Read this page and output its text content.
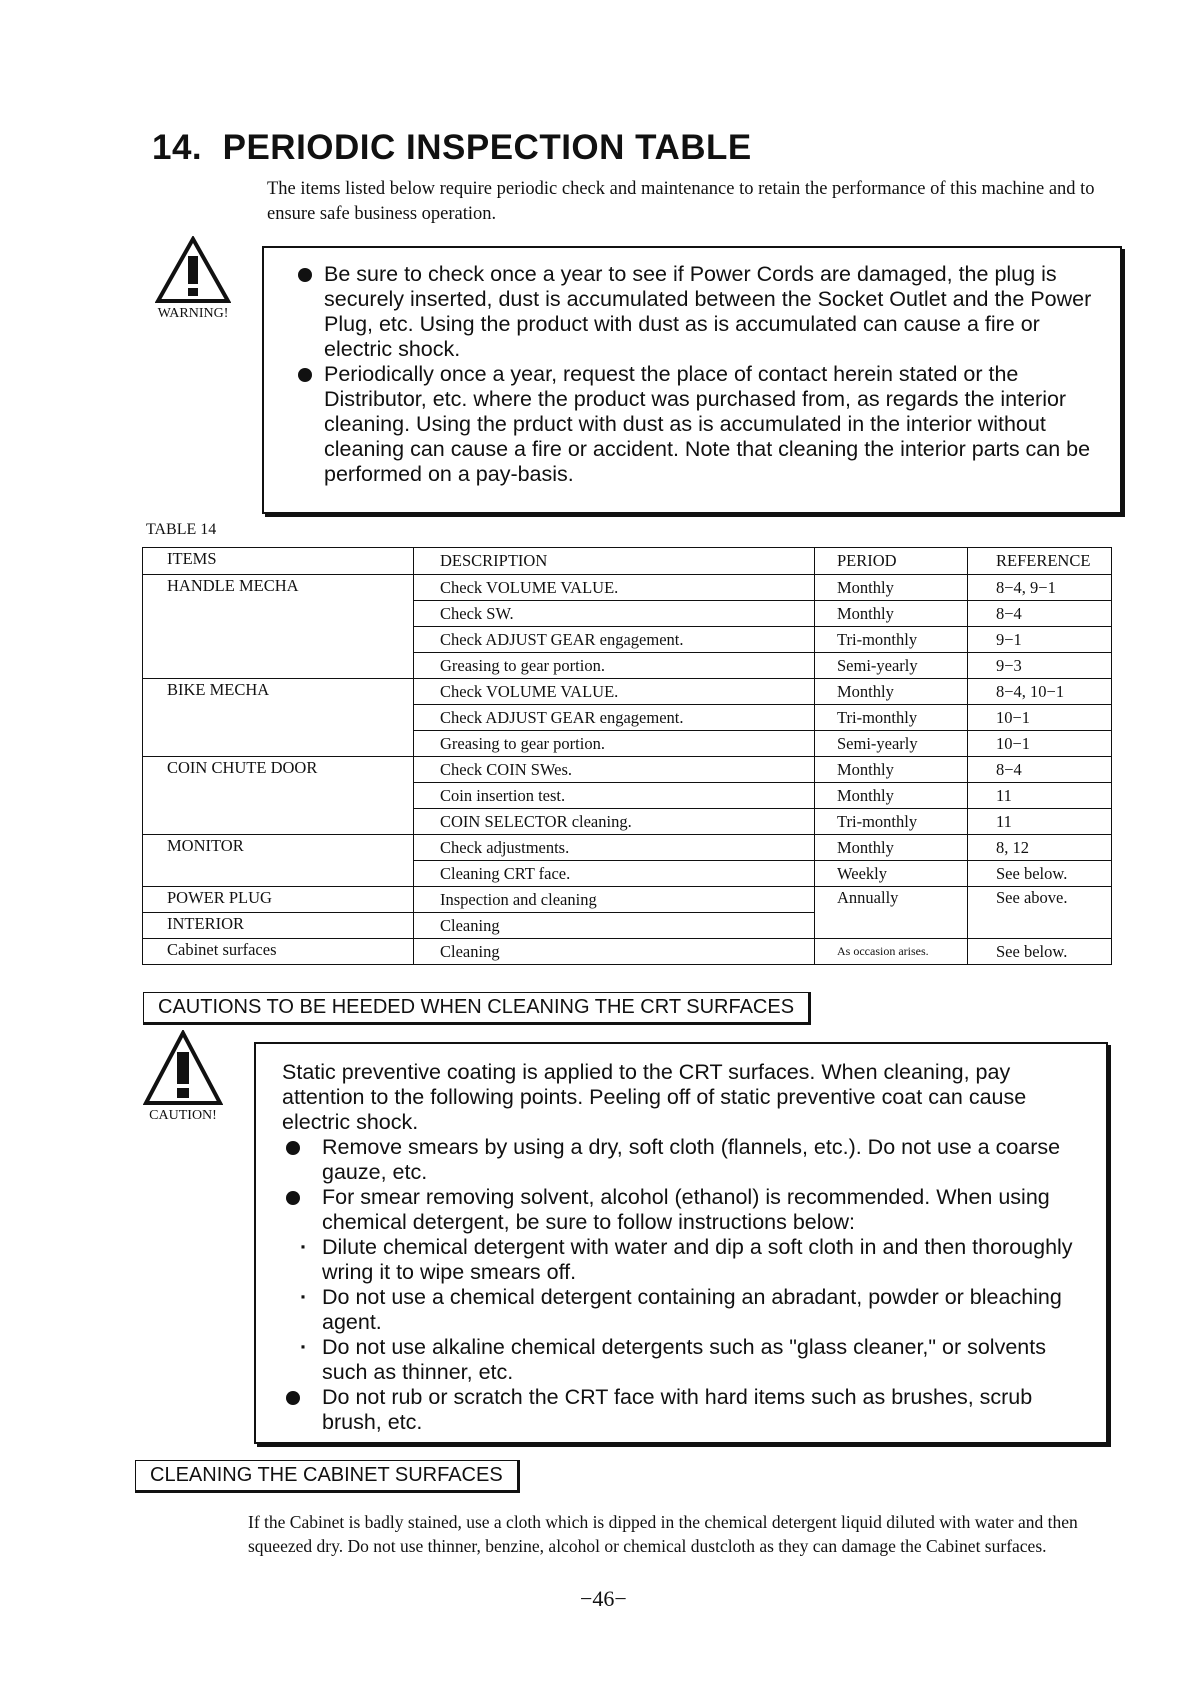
14. PERIODIC INSPECTION TABLE
The items listed below require periodic check and maintenance to retain the performance of this machine and to ensure safe business operation.
WARNING!
Be sure to check once a year to see if Power Cords are damaged, the plug is securely inserted, dust is accumulated between the Socket Outlet and the Power Plug, etc. Using the product with dust as is accumulated can cause a fire or electric shock.
Periodically once a year, request the place of contact herein stated or the Distributor, etc. where the product was purchased from, as regards the interior cleaning. Using the prduct with dust as is accumulated in the interior without cleaning can cause a fire or accident. Note that cleaning the interior parts can be performed on a pay-basis.
TABLE 14
ITEMS	DESCRIPTION	PERIOD	REFERENCE
HANDLE MECHA	Check VOLUME VALUE.	Monthly	8−4, 9−1
	Check SW.	Monthly	8−4
	Check ADJUST GEAR engagement.	Tri-monthly	9−1
	Greasing to gear portion.	Semi-yearly	9−3
BIKE MECHA	Check VOLUME VALUE.	Monthly	8−4, 10−1
	Check ADJUST GEAR engagement.	Tri-monthly	10−1
	Greasing to gear portion.	Semi-yearly	10−1
COIN CHUTE DOOR	Check COIN SWes.	Monthly	8−4
	Coin insertion test.	Monthly	11
	COIN SELECTOR cleaning.	Tri-monthly	11
MONITOR	Check adjustments.	Monthly	8, 12
	Cleaning CRT face.	Weekly	See below.
POWER PLUG	Inspection and cleaning	Annually	See above.
INTERIOR	Cleaning		
Cabinet surfaces	Cleaning	As occasion arises.	See below.
CAUTIONS TO BE HEEDED WHEN CLEANING THE CRT SURFACES
CAUTION!
Static preventive coating is applied to the CRT surfaces. When cleaning, pay attention to the following points. Peeling off of static preventive coat can cause electric shock.
Remove smears by using a dry, soft cloth (flannels, etc.). Do not use a coarse gauze, etc.
For smear removing solvent, alcohol (ethanol) is recommended. When using chemical detergent, be sure to follow instructions below:
· Dilute chemical detergent with water and dip a soft cloth in and then thoroughly wring it to wipe smears off.
· Do not use a chemical detergent containing an abradant, powder or bleaching agent.
· Do not use alkaline chemical detergents such as "glass cleaner," or solvents such as thinner, etc.
Do not rub or scratch the CRT face with hard items such as brushes, scrub brush, etc.
CLEANING THE CABINET SURFACES
If the Cabinet is badly stained, use a cloth which is dipped in the chemical detergent liquid diluted with water and then squeezed dry. Do not use thinner, benzine, alcohol or chemical dustcloth as they can damage the Cabinet surfaces.
−46−
